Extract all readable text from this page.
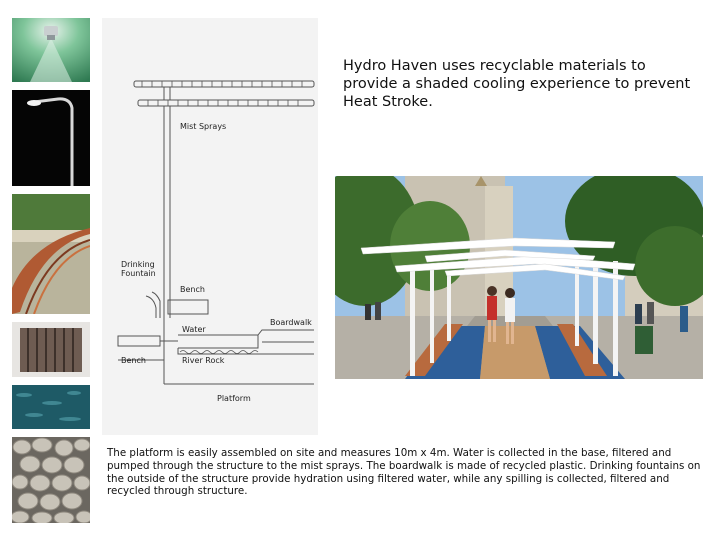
Mist Sprays
Drinking
Fountain
Bench
Boardwalk
Water
Bench	River Rock
Platform
Hydro Haven uses recyclable materials to provide a shaded cooling experience to prevent Heat Stroke.
The platform is easily assembled on site and measures 10m x 4m. Water is collected in the base, filtered and pumped through the structure to the mist sprays. The boardwalk is made of recycled plastic. Drinking fountains on the outside of the structure provide hydration using filtered water, while any spilling is collected, filtered and recycled through structure.
